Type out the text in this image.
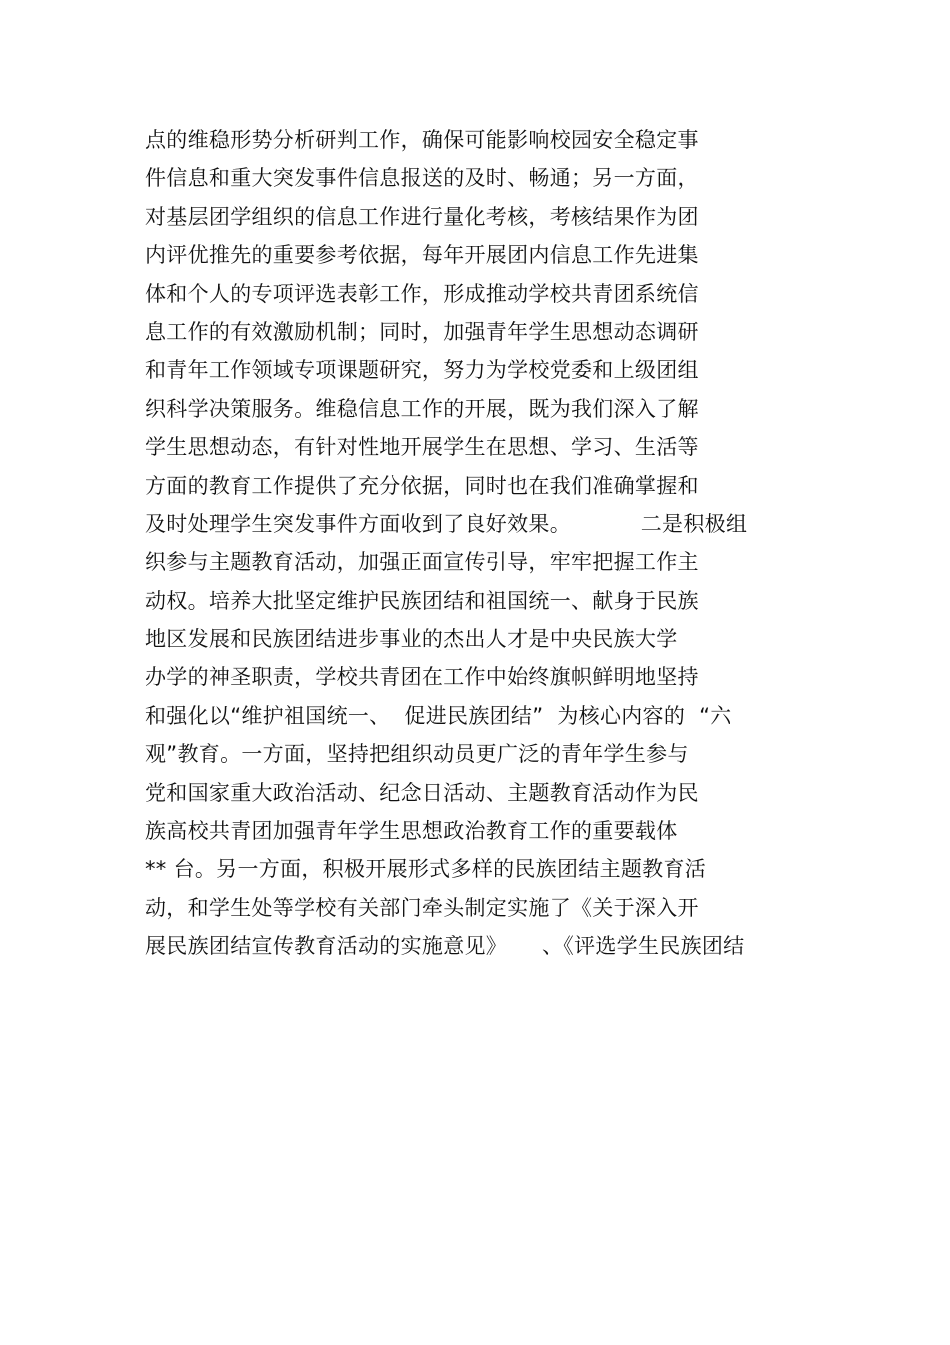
点的维稳形势分析研判工作，确保可能影响校园安全稳定事
件信息和重大突发事件信息报送的及时、畅通；另一方面，
对基层团学组织的信息工作进行量化考核，考核结果作为团
内评优推先的重要参考依据，每年开展团内信息工作先进集
体和个人的专项评选表彰工作，形成推动学校共青团系统信
息工作的有效激励机制；同时，加强青年学生思想动态调研
和青年工作领域专项课题研究，努力为学校党委和上级团组
织科学决策服务。维稳信息工作的开展，既为我们深入了解
学生思想动态，有针对性地开展学生在思想、学习、生活等
方面的教育工作提供了充分依据，同时也在我们准确掌握和
及时处理学生突发事件方面收到了良好效果。          二是积极组
织参与主题教育活动，加强正面宣传引导，牢牢把握工作主
动权。培养大批坚定维护民族团结和祖国统一、献身于民族
地区发展和民族团结进步事业的杰出人才是中央民族大学
办学的神圣职责，学校共青团在工作中始终旗帜鲜明地坚持
和强化以“维护祖国统一、  促进民族团结”  为核心内容的  “六
观”教育。一方面，坚持把组织动员更广泛的青年学生参与
党和国家重大政治活动、纪念日活动、主题教育活动作为民
族高校共青团加强青年学生思想政治教育工作的重要载体
** 台。另一方面，积极开展形式多样的民族团结主题教育活
动，和学生处等学校有关部门牵头制定实施了《关于深入开
展民族团结宣传教育活动的实施意见》     、《评选学生民族团结
